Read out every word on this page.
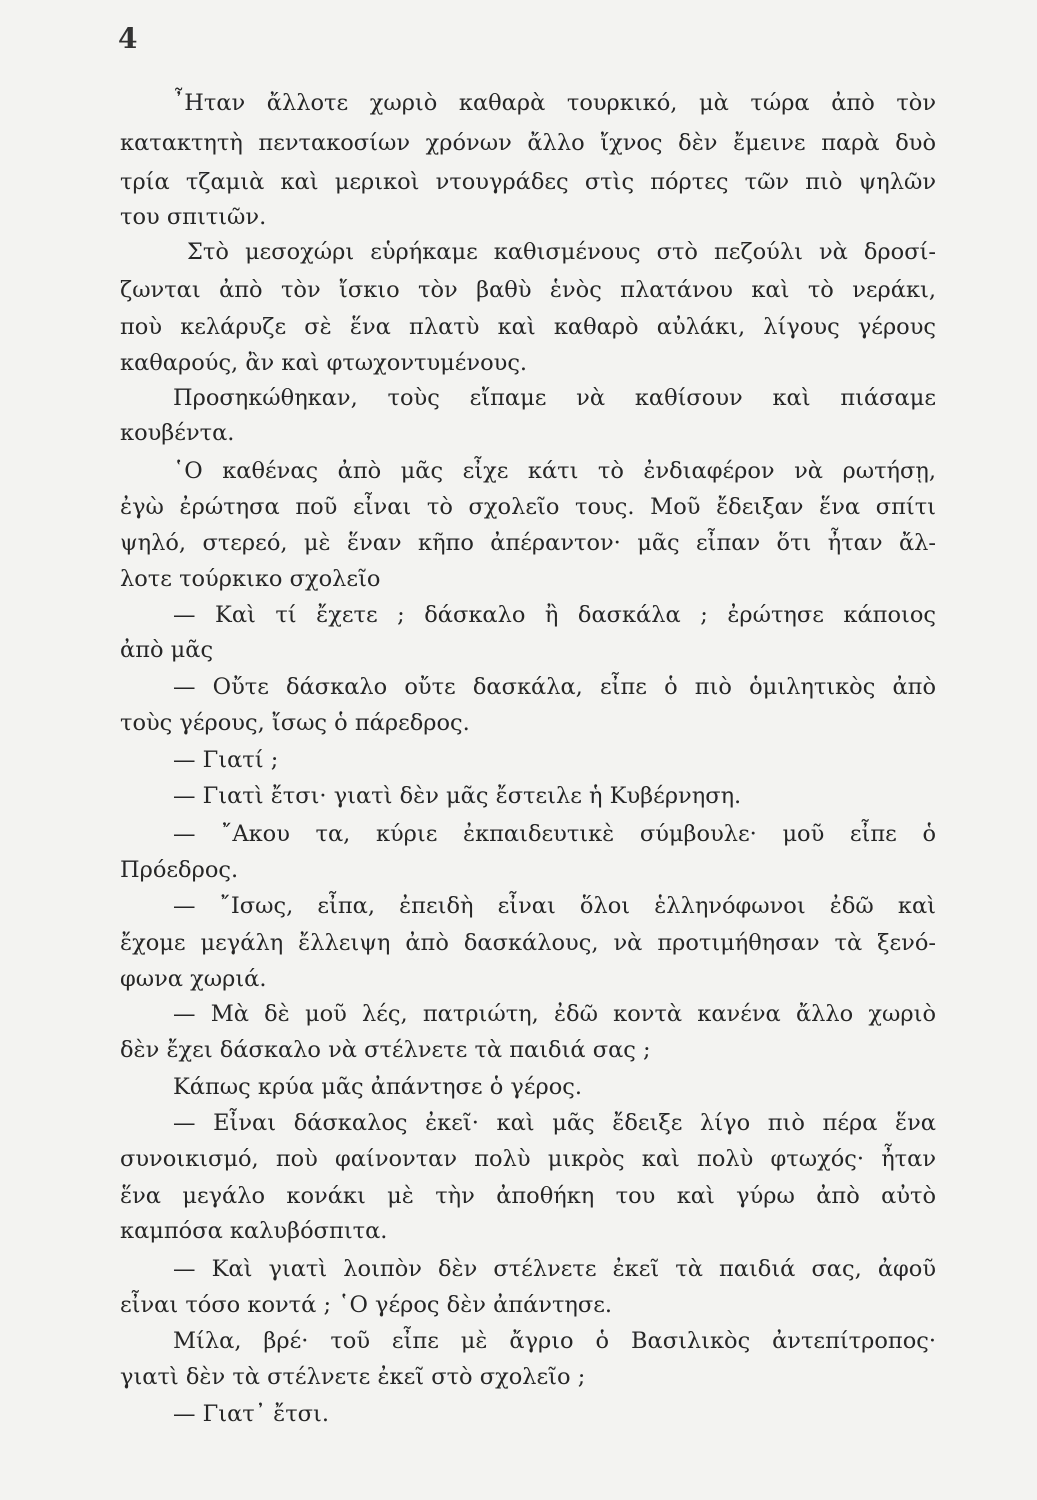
4
῏Ηταν ἄλλοτε χωριὸ καθαρὰ τουρκικό, μὰ τώρα ἀπὸ τὸν
κατακτητὴ πεντακοσίων χρόνων ἄλλο ἴχνος δὲν ἔμεινε παρὰ δυὸ
τρία τζαμιὰ καὶ μερικοὶ ντουγράδες στὶς πόρτες τῶν πιὸ ψηλῶν
του σπιτιῶν.
Στὸ μεσοχώρι εὑρήκαμε καθισμένους στὸ πεζούλι νὰ δροσί-
ζωνται ἀπὸ τὸν ἴσκιο τὸν βαθὺ ἑνὸς πλατάνου καὶ τὸ νεράκι,
ποὺ κελάρυζε σὲ ἕνα πλατὺ καὶ καθαρὸ αὐλάκι, λίγους γέρους
καθαρούς, ἂν καὶ φτωχοντυμένους.
Προσηκώθηκαν, τοὺς εἴπαμε νὰ καθίσουν καὶ πιάσαμε
κουβέντα.
῾Ο καθένας ἀπὸ μᾶς εἶχε κάτι τὸ ἐνδιαφέρον νὰ ρωτήσῃ,
ἐγὼ ἐρώτησα ποῦ εἶναι τὸ σχολεῖο τους. Μοῦ ἔδειξαν ἕνα σπίτι
ψηλό, στερεό, μὲ ἕναν κῆπο ἀπέραντον· μᾶς εἶπαν ὅτι ἦταν ἄλ-
λοτε τούρκικο σχολεῖο
— Καὶ τί ἔχετε ; δάσκαλο ἢ δασκάλα ; ἐρώτησε κάποιος
ἀπὸ μᾶς
— Οὔτε δάσκαλο οὔτε δασκάλα, εἶπε ὁ πιὸ ὁμιλητικὸς ἀπὸ
τοὺς γέρους, ἴσως ὁ πάρεδρος.
— Γιατί ;
— Γιατὶ ἔτσι· γιατὶ δὲν μᾶς ἔστειλε ἡ Κυβέρνηση.
— ῎Ακου τα, κύριε ἐκπαιδευτικὲ σύμβουλε· μοῦ εἶπε ὁ
Πρόεδρος.
— ῎Ισως, εἶπα, ἐπειδὴ εἶναι ὅλοι ἑλληνόφωνοι ἐδῶ καὶ
ἔχομε μεγάλη ἔλλειψη ἀπὸ δασκάλους, νὰ προτιμήθησαν τὰ ξενό-
φωνα χωριά.
— Μὰ δὲ μοῦ λές, πατριώτη, ἐδῶ κοντὰ κανένα ἄλλο χωριὸ
δὲν ἔχει δάσκαλο νὰ στέλνετε τὰ παιδιά σας ;
Κάπως κρύα μᾶς ἀπάντησε ὁ γέρος.
— Εἶναι δάσκαλος ἐκεῖ· καὶ μᾶς ἔδειξε λίγο πιὸ πέρα ἕνα
συνοικισμό, ποὺ φαίνονταν πολὺ μικρὸς καὶ πολὺ φτωχός· ἦταν
ἕνα μεγάλο κονάκι μὲ τὴν ἀποθήκη του καὶ γύρω ἀπὸ αὐτὸ
καμπόσα καλυβόσπιτα.
— Καὶ γιατὶ λοιπὸν δὲν στέλνετε ἐκεῖ τὰ παιδιά σας, ἀφοῦ
εἶναι τόσο κοντά ; ῾Ο γέρος δὲν ἀπάντησε.
Μίλα, βρέ· τοῦ εἶπε μὲ ἄγριο ὁ Βασιλικὸς ἀντεπίτροπος·
γιατὶ δὲν τὰ στέλνετε ἐκεῖ στὸ σχολεῖο ;
— Γιατ᾿ ἔτσι.
